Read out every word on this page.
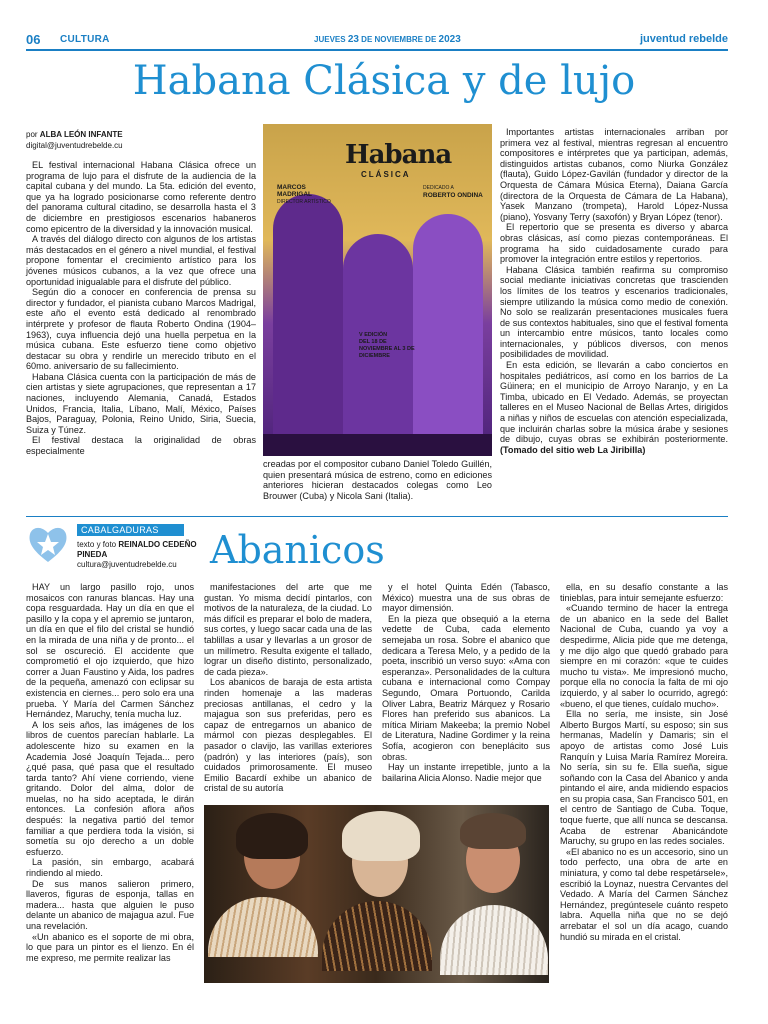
06 CULTURA	JUEVES 23 DE NOVIEMBRE DE 2023	juventud rebelde
Habana Clásica y de lujo
por ALBA LEÓN INFANTE
digital@juventudrebelde.cu

EL festival internacional Habana Clásica ofrece un programa de lujo para el disfrute de la audiencia de la capital cubana y del mundo. La 5ta. edición del evento, que ya ha logrado posicionarse como referente dentro del panorama cultural citadino, se desarrolla hasta el 3 de diciembre en prestigiosos escenarios habaneros como epicentro de la diversidad y la innovación musical.

A través del diálogo directo con algunos de los artistas más destacados en el género a nivel mundial, el festival propone fomentar el crecimiento artístico para los jóvenes músicos cubanos, a la vez que ofrece una oportunidad inigualable para el disfrute del público.

Según dio a conocer en conferencia de prensa su director y fundador, el pianista cubano Marcos Madrigal, este año el evento está dedicado al renombrado intérprete y profesor de flauta Roberto Ondina (1904–1963), cuya influencia dejó una huella perpetua en la música cubana. Este esfuerzo tiene como objetivo destacar su obra y rendirle un merecido tributo en el 60mo. aniversario de su fallecimiento.

Habana Clásica cuenta con la participación de más de cien artistas y siete agrupaciones, que representan a 17 naciones, incluyendo Alemania, Canadá, Estados Unidos, Francia, Italia, Líbano, Malí, México, Países Bajos, Paraguay, Polonia, Reino Unido, Siria, Suecia, Suiza y Túnez.

El festival destaca la originalidad de obras especialmente

Habana
CLÁSICA
MARCOS MADRIGAL
DIRECTOR ARTÍSTICO
DEDICADO A
ROBERTO ONDINA
V EDICIÓN
DEL 18 DE NOVIEMBRE AL 3 DE DICIEMBRE

creadas por el compositor cubano Daniel Toledo Guillén, quien presentará música de estreno, como en ediciones anteriores hicieran destacados colegas como Leo Brouwer (Cuba) y Nicola Sani (Italia).

Importantes artistas internacionales arriban por primera vez al festival, mientras regresan al encuentro compositores e intérpretes que ya participan, además, distinguidos artistas cubanos, como Niurka González (flauta), Guido López-Gavilán (fundador y director de la Orquesta de Cámara Música Eterna), Daiana García (directora de la Orquesta de Cámara de La Habana), Yasek Manzano (trompeta), Harold López-Nussa (piano), Yosvany Terry (saxofón) y Bryan López (tenor).

El repertorio que se presenta es diverso y abarca obras clásicas, así como piezas contemporáneas. El programa ha sido cuidadosamente curado para promover la integración entre estilos y repertorios.

Habana Clásica también reafirma su compromiso social mediante iniciativas concretas que trascienden los límites de los teatros y escenarios tradicionales, siempre utilizando la música como medio de conexión. No solo se realizarán presentaciones musicales fuera de sus contextos habituales, sino que el festival fomenta un intercambio entre músicos, tanto locales como internacionales, y públicos diversos, con menos posibilidades de movilidad.

En esta edición, se llevarán a cabo conciertos en hospitales pediátricos, así como en los barrios de La Güinera; en el municipio de Arroyo Naranjo, y en La Timba, ubicado en El Vedado. Además, se proyectan talleres en el Museo Nacional de Bellas Artes, dirigidos a niñas y niños de escuelas con atención especializada, que incluirán charlas sobre la música árabe y sesiones de dibujo, cuyas obras se exhibirán posteriormente. (Tomado del sitio web La Jiribilla)

CABALGADURAS
texto y foto REINALDO CEDEÑO PINEDA
cultura@juventudrebelde.cu Abanicos

HAY un largo pasillo rojo, unos mosaicos con ranuras blancas. Hay una copa resguardada. Hay un día en que el pasillo y la copa y el apremio se juntaron, un día en que el filo del cristal se hundió en la mirada de una niña y de pronto... el sol se oscureció. El accidente que comprometió el ojo izquierdo, que hizo correr a Juan Faustino y Aida, los padres de la pequeña, amenazó con eclipsar su existencia en ciernes... pero solo era una prueba. Y María del Carmen Sánchez Hernández, Maruchy, tenía mucha luz.

A los seis años, las imágenes de los libros de cuentos parecían hablarle. La adolescente hizo su examen en la Academia José Joaquín Tejada... pero ¿qué pasa, qué pasa que el resultado tarda tanto? Ahí viene corriendo, viene gritando. Dolor del alma, dolor de muelas, no ha sido aceptada, le dirán entonces. La confesión aflora años después: la negativa partió del temor familiar a que perdiera toda la visión, si sometía su ojo derecho a un doble esfuerzo.

La pasión, sin embargo, acabará rindiendo al miedo.

De sus manos salieron primero, llaveros, figuras de esponja, tallas en madera... hasta que alguien le puso delante un abanico de majagua azul. Fue una revelación.

«Un abanico es el soporte de mi obra, lo que para un pintor es el lienzo. En él me expreso, me permite realizar las

manifestaciones del arte que me gustan. Yo misma decidí pintarlos, con motivos de la naturaleza, de la ciudad. Lo más difícil es preparar el bolo de madera, sus cortes, y luego sacar cada una de las tablillas a usar y llevarlas a un grosor de un milímetro. Resulta exigente el tallado, lograr un diseño distinto, personalizado, de cada pieza».

Los abanicos de baraja de esta artista rinden homenaje a las maderas preciosas antillanas, el cedro y la majagua son sus preferidas, pero es capaz de entregarnos un abanico de mármol con piezas desplegables. El pasador o clavijo, las varillas exteriores (padrón) y las interiores (país), son cuidados primorosamente. El museo Emilio Bacardí exhibe un abanico de cristal de su autoría

y el hotel Quinta Edén (Tabasco, México) muestra una de sus obras de mayor dimensión.

En la pieza que obsequió a la eterna vedette de Cuba, cada elemento semejaba un rosa. Sobre el abanico que dedicara a Teresa Melo, y a pedido de la poeta, inscribió un verso suyo: «Ama con esperanza». Personalidades de la cultura cubana e internacional como Compay Segundo, Omara Portuondo, Carilda Oliver Labra, Beatriz Márquez y Rosario Flores han preferido sus abanicos. La mítica Miriam Makeeba; la premio Nobel de Literatura, Nadine Gordimer y la reina Sofía, acogieron con beneplácito sus obras.

Hay un instante irrepetible, junto a la bailarina Alicia Alonso. Nadie mejor que

ella, en su desafío constante a las tinieblas, para intuir semejante esfuerzo:

«Cuando termino de hacer la entrega de un abanico en la sede del Ballet Nacional de Cuba, cuando ya voy a despedirme, Alicia pide que me detenga, y me dijo algo que quedó grabado para siempre en mi corazón: «que te cuides mucho tu vista». Me impresionó mucho, porque ella no conocía la falta de mi ojo izquierdo, y al saber lo ocurrido, agregó: «bueno, el que tienes, cuídalo mucho».

Ella no sería, me insiste, sin José Alberto Burgos Martí, su esposo; sin sus hermanas, Madelín y Damaris; sin el apoyo de artistas como José Luis Ranquín y Luisa María Ramírez Moreira. No sería, sin su fe. Ella sueña, sigue soñando con la Casa del Abanico y anda pintando el aire, anda midiendo espacios en su propia casa, San Francisco 501, en el centro de Santiago de Cuba. Toque, toque fuerte, que allí nunca se descansa. Acaba de estrenar Abanicándote Maruchy, su grupo en las redes sociales.

«El abanico no es un accesorio, sino un todo perfecto, una obra de arte en miniatura, y como tal debe respetársele», escribió la Loynaz, nuestra Cervantes del Vedado. A María del Carmen Sánchez Hernández, pregúntesele cuánto respeto labra. Aquella niña que no se dejó arrebatar el sol un día acago, cuando hundió su mirada en el cristal.
